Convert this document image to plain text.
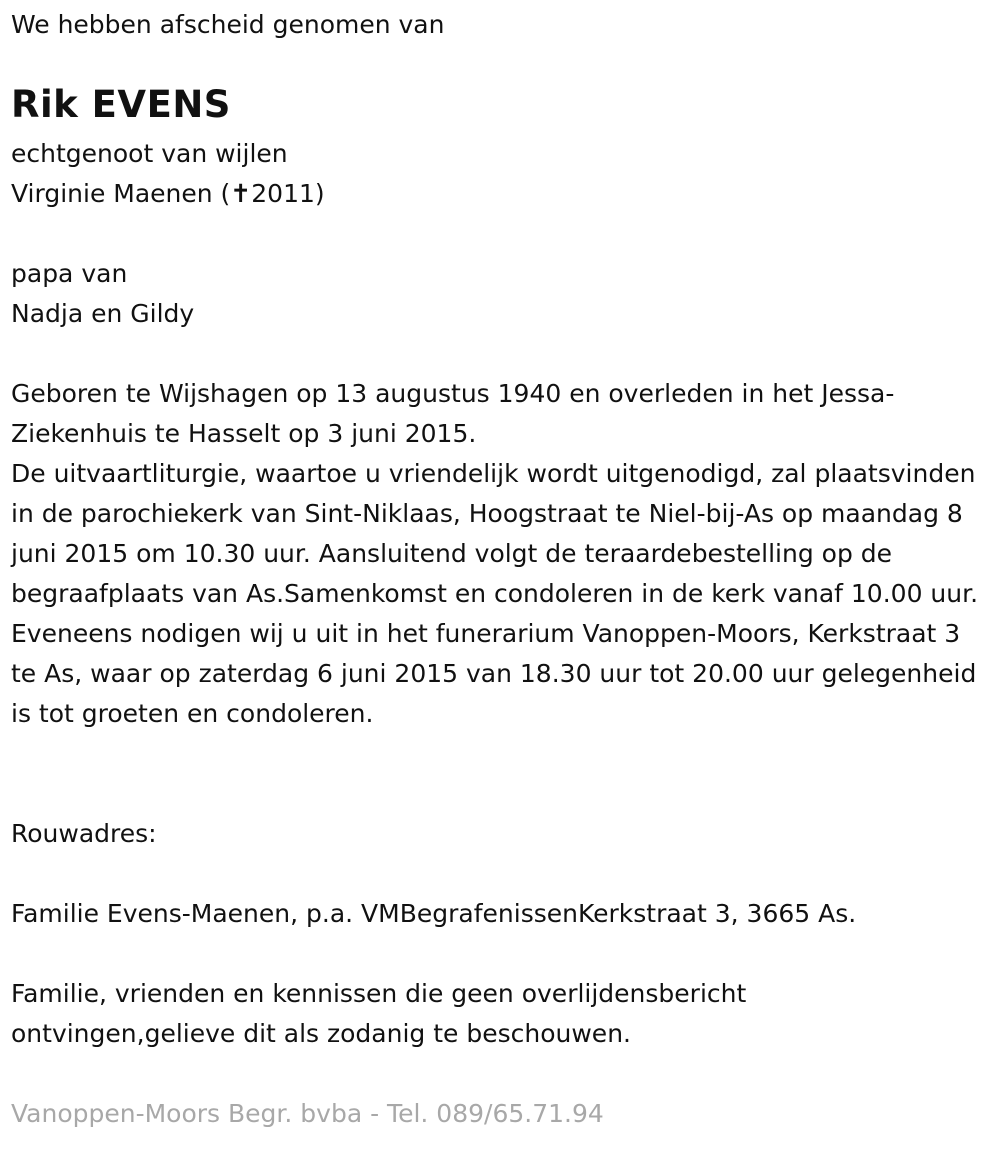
We hebben afscheid genomen van

Rik EVENS

echtgenoot van wijlen

Virginie Maenen (✝2011)

papa van

Nadja en Gildy

Geboren te Wijshagen op 13 augustus 1940 en overleden in het Jessa-Ziekenhuis te Hasselt op 3 juni 2015.

De uitvaartliturgie, waartoe u vriendelijk wordt uitgenodigd, zal plaatsvinden in de parochiekerk van Sint-Niklaas, Hoogstraat te Niel-bij-As op maandag 8 juni 2015 om 10.30 uur. Aansluitend volgt de teraardebestelling op de begraafplaats van As.Samenkomst en condoleren in de kerk vanaf 10.00 uur.

Eveneens nodigen wij u uit in het funerarium Vanoppen-Moors, Kerkstraat 3 te As, waar op zaterdag 6 juni 2015 van 18.30 uur tot 20.00 uur gelegenheid is tot groeten en condoleren.

Rouwadres:

Familie Evens-Maenen, p.a. VMBegrafenissenKerkstraat 3, 3665 As.

Familie, vrienden en kennissen die geen overlijdensbericht

ontvingen,gelieve dit als zodanig te beschouwen.

Vanoppen-Moors Begr. bvba - Tel. 089/65.71.94
